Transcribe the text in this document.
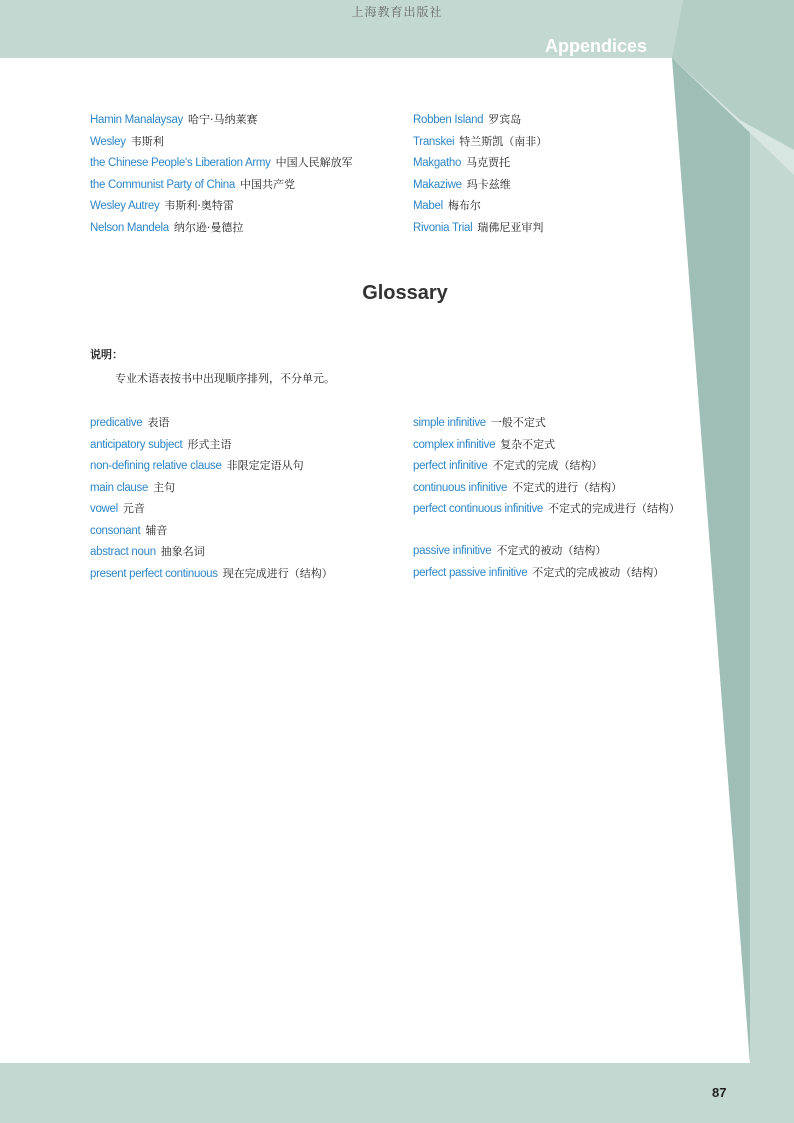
上海教育出版社
Appendices
Hamin Manalaysay 哈宁·马纳莱赛
Wesley 韦斯利
the Chinese People's Liberation Army 中国人民解放军
the Communist Party of China 中国共产党
Wesley Autrey 韦斯利·奥特雷
Nelson Mandela 纳尔逊·曼德拉
Robben Island 罗宾岛
Transkei 特兰斯凯（南非）
Makgatho 马克贾托
Makaziwe 玛卡兹维
Mabel 梅布尔
Rivonia Trial 瑞佛尼亚审判
Glossary
说明：
专业术语表按书中出现顺序排列，不分单元。
predicative 表语
anticipatory subject 形式主语
non-defining relative clause 非限定定语从句
main clause 主句
vowel 元音
consonant 辅音
abstract noun 抽象名词
present perfect continuous 现在完成进行（结构）
simple infinitive 一般不定式
complex infinitive 复杂不定式
perfect infinitive 不定式的完成（结构）
continuous infinitive 不定式的进行（结构）
perfect continuous infinitive 不定式的完成进行（结构）
passive infinitive 不定式的被动（结构）
perfect passive infinitive 不定式的完成被动（结构）
87
